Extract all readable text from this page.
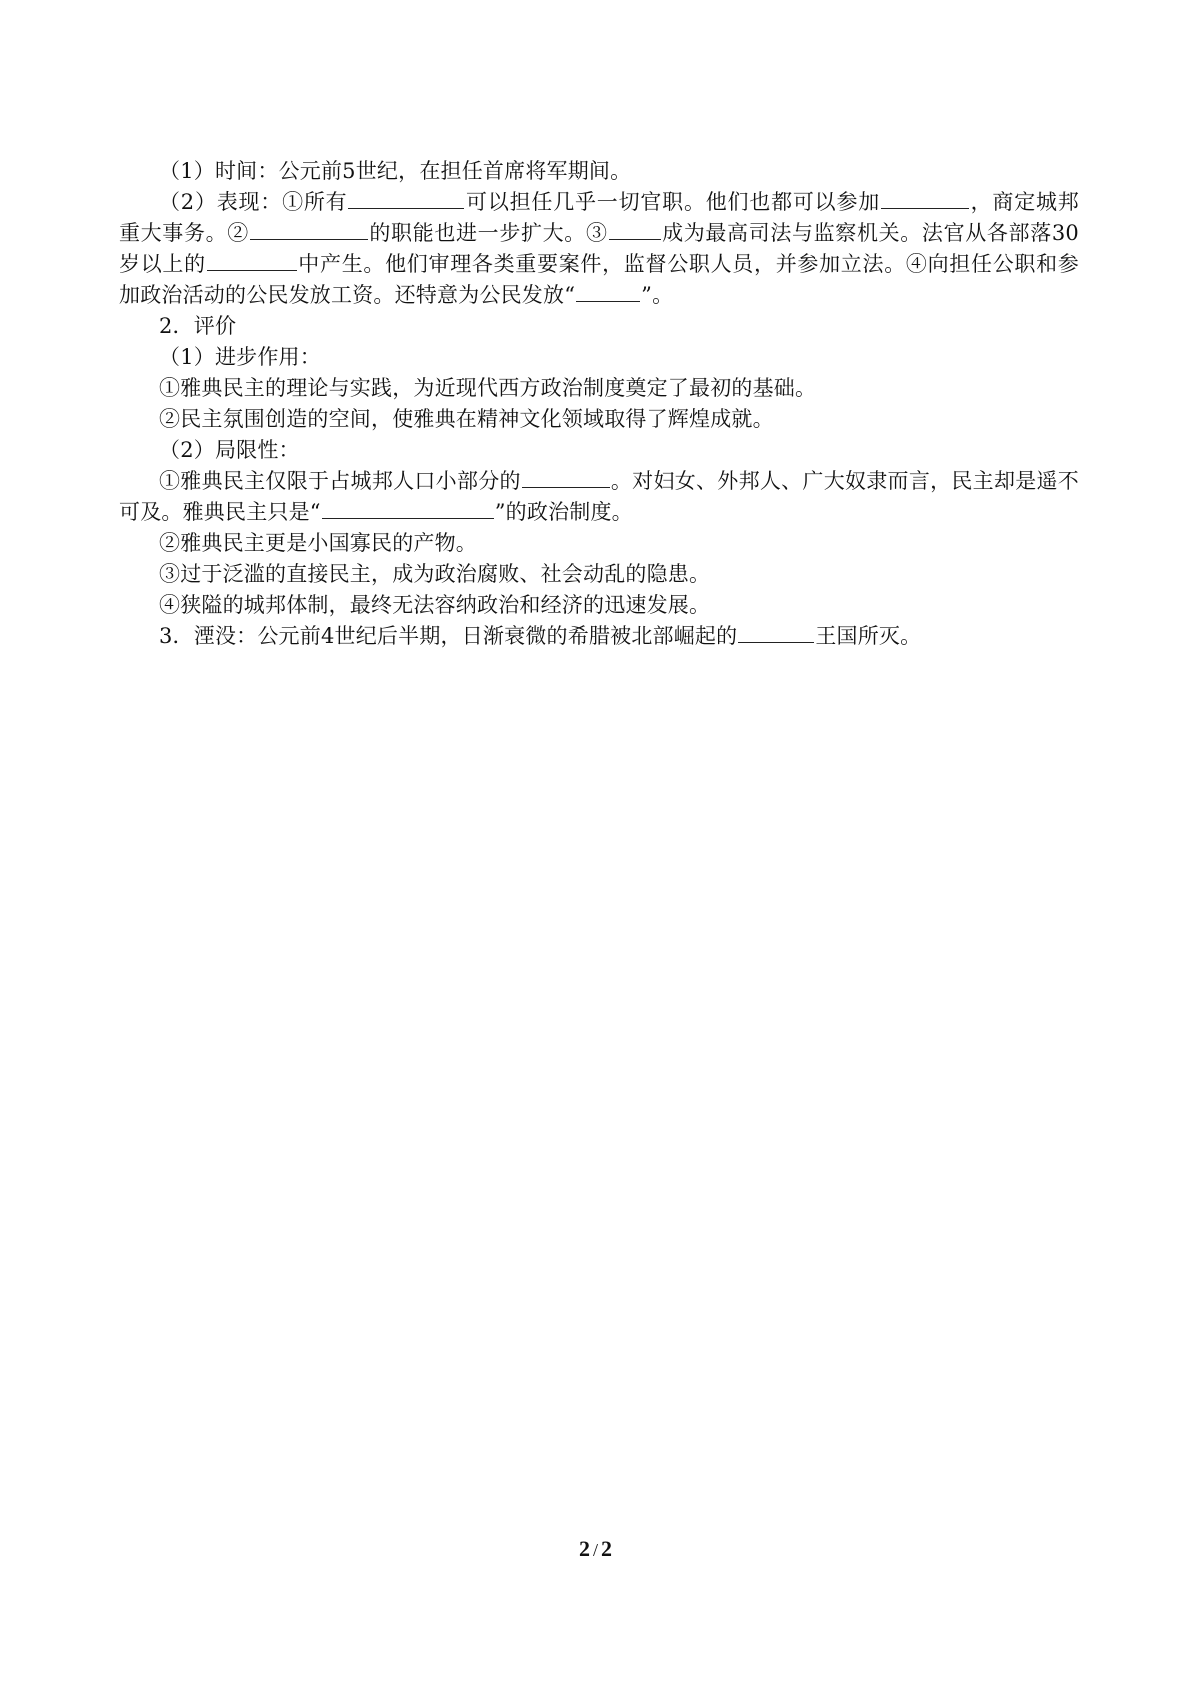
（1）时间：公元前5世纪，在担任首席将军期间。

（2）表现：①所有	可以担任几乎一切官职。他们也都可以参加	，商定城邦重大事务。②	的职能也进一步扩大。③	成为最高司法与监察机关。法官从各部落30岁以上的	中产生。他们审理各类重要案件，监督公职人员，并参加立法。④向担任公职和参加政治活动的公民发放工资。还特意为公民发放“	”。

2．评价

（1）进步作用：

①雅典民主的理论与实践，为近现代西方政治制度奠定了最初的基础。

②民主氛围创造的空间，使雅典在精神文化领域取得了辉煌成就。

（2）局限性：

①雅典民主仅限于占城邦人口小部分的	。对妇女、外邦人、广大奴隶而言，民主却是遥不可及。雅典民主只是“	”的政治制度。

②雅典民主更是小国寡民的产物。

③过于泛滥的直接民主，成为政治腐败、社会动乱的隐患。

④狭隘的城邦体制，最终无法容纳政治和经济的迅速发展。

3．湮没：公元前4世纪后半期，日渐衰微的希腊被北部崛起的	王国所灭。

2 / 2
